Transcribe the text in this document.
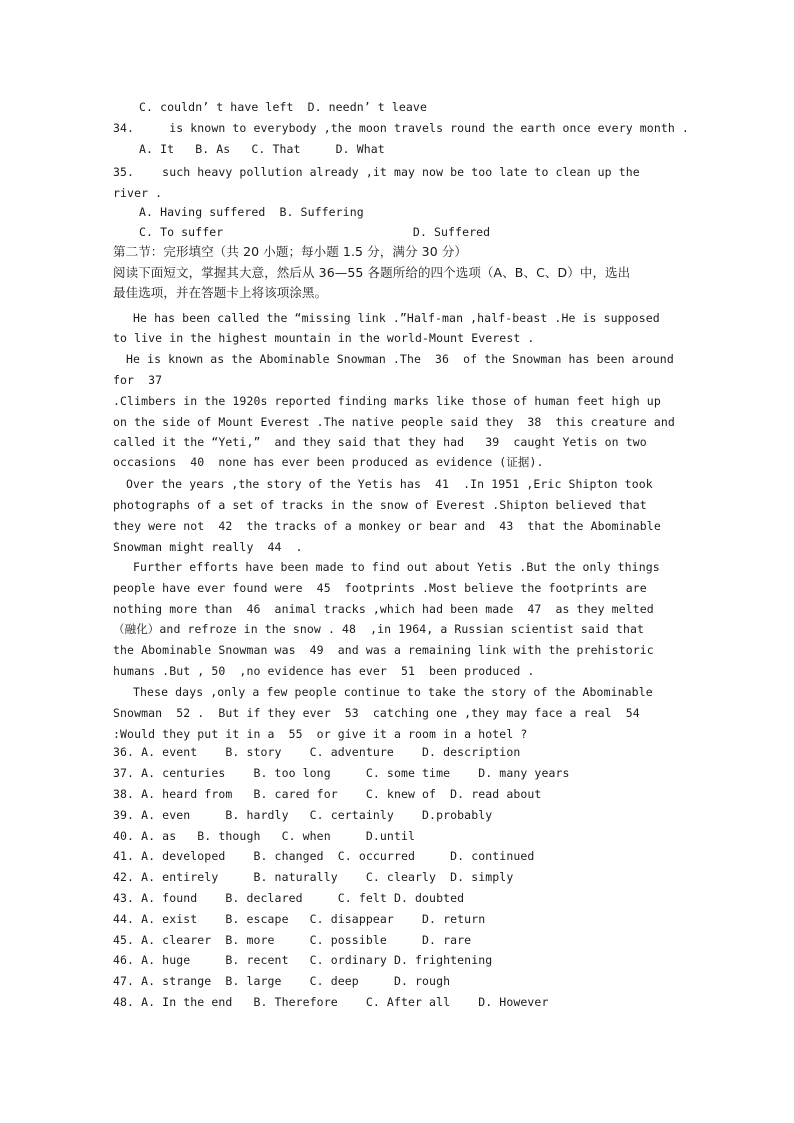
C. couldn’ t have left  D. needn’ t leave
34.     is known to everybody ,the moon travels round the earth once every month .
A. It   B. As   C. That     D. What
35.    such heavy pollution already ,it may now be too late to clean up the
river .
A. Having suffered  B. Suffering
C. To suffer                           D. Suffered
第二节：完形填空（共 20 小题；每小题 1.5 分，满分 30 分）
阅读下面短文，掌握其大意，然后从 36—55 各题所给的四个选项（A、B、C、D）中，选出
最佳选项，并在答题卡上将该项涂黑。
He has been called the “missing link .”Half-man ,half-beast .He is supposed
to live in the highest mountain in the world-Mount Everest .
He is known as the Abominable Snowman .The  36  of the Snowman has been around
for  37
.Climbers in the 1920s reported finding marks like those of human feet high up
on the side of Mount Everest .The native people said they  38  this creature and
called it the “Yeti,”  and they said that they had   39  caught Yetis on two
occasions  40  none has ever been produced as evidence (证据).
Over the years ,the story of the Yetis has  41  .In 1951 ,Eric Shipton took
photographs of a set of tracks in the snow of Everest .Shipton believed that
they were not  42  the tracks of a monkey or bear and  43  that the Abominable
Snowman might really  44  .
Further efforts have been made to find out about Yetis .But the only things
people have ever found were  45  footprints .Most believe the footprints are
nothing more than  46  animal tracks ,which had been made  47  as they melted
（融化）and refroze in the snow . 48  ,in 1964, a Russian scientist said that
the Abominable Snowman was  49  and was a remaining link with the prehistoric
humans .But , 50  ,no evidence has ever  51  been produced .
These days ,only a few people continue to take the story of the Abominable
Snowman  52 .  But if they ever  53  catching one ,they may face a real  54
:Would they put it in a  55  or give it a room in a hotel ?
36. A. event    B. story    C. adventure    D. description
37. A. centuries    B. too long     C. some time    D. many years
38. A. heard from   B. cared for    C. knew of  D. read about
39. A. even     B. hardly   C. certainly    D.probably
40. A. as   B. though   C. when     D.until
41. A. developed    B. changed  C. occurred     D. continued
42. A. entirely     B. naturally    C. clearly  D. simply
43. A. found    B. declared     C. felt D. doubted
44. A. exist    B. escape   C. disappear    D. return
45. A. clearer  B. more     C. possible     D. rare
46. A. huge     B. recent   C. ordinary D. frightening
47. A. strange  B. large    C. deep     D. rough
48. A. In the end   B. Therefore    C. After all    D. However
